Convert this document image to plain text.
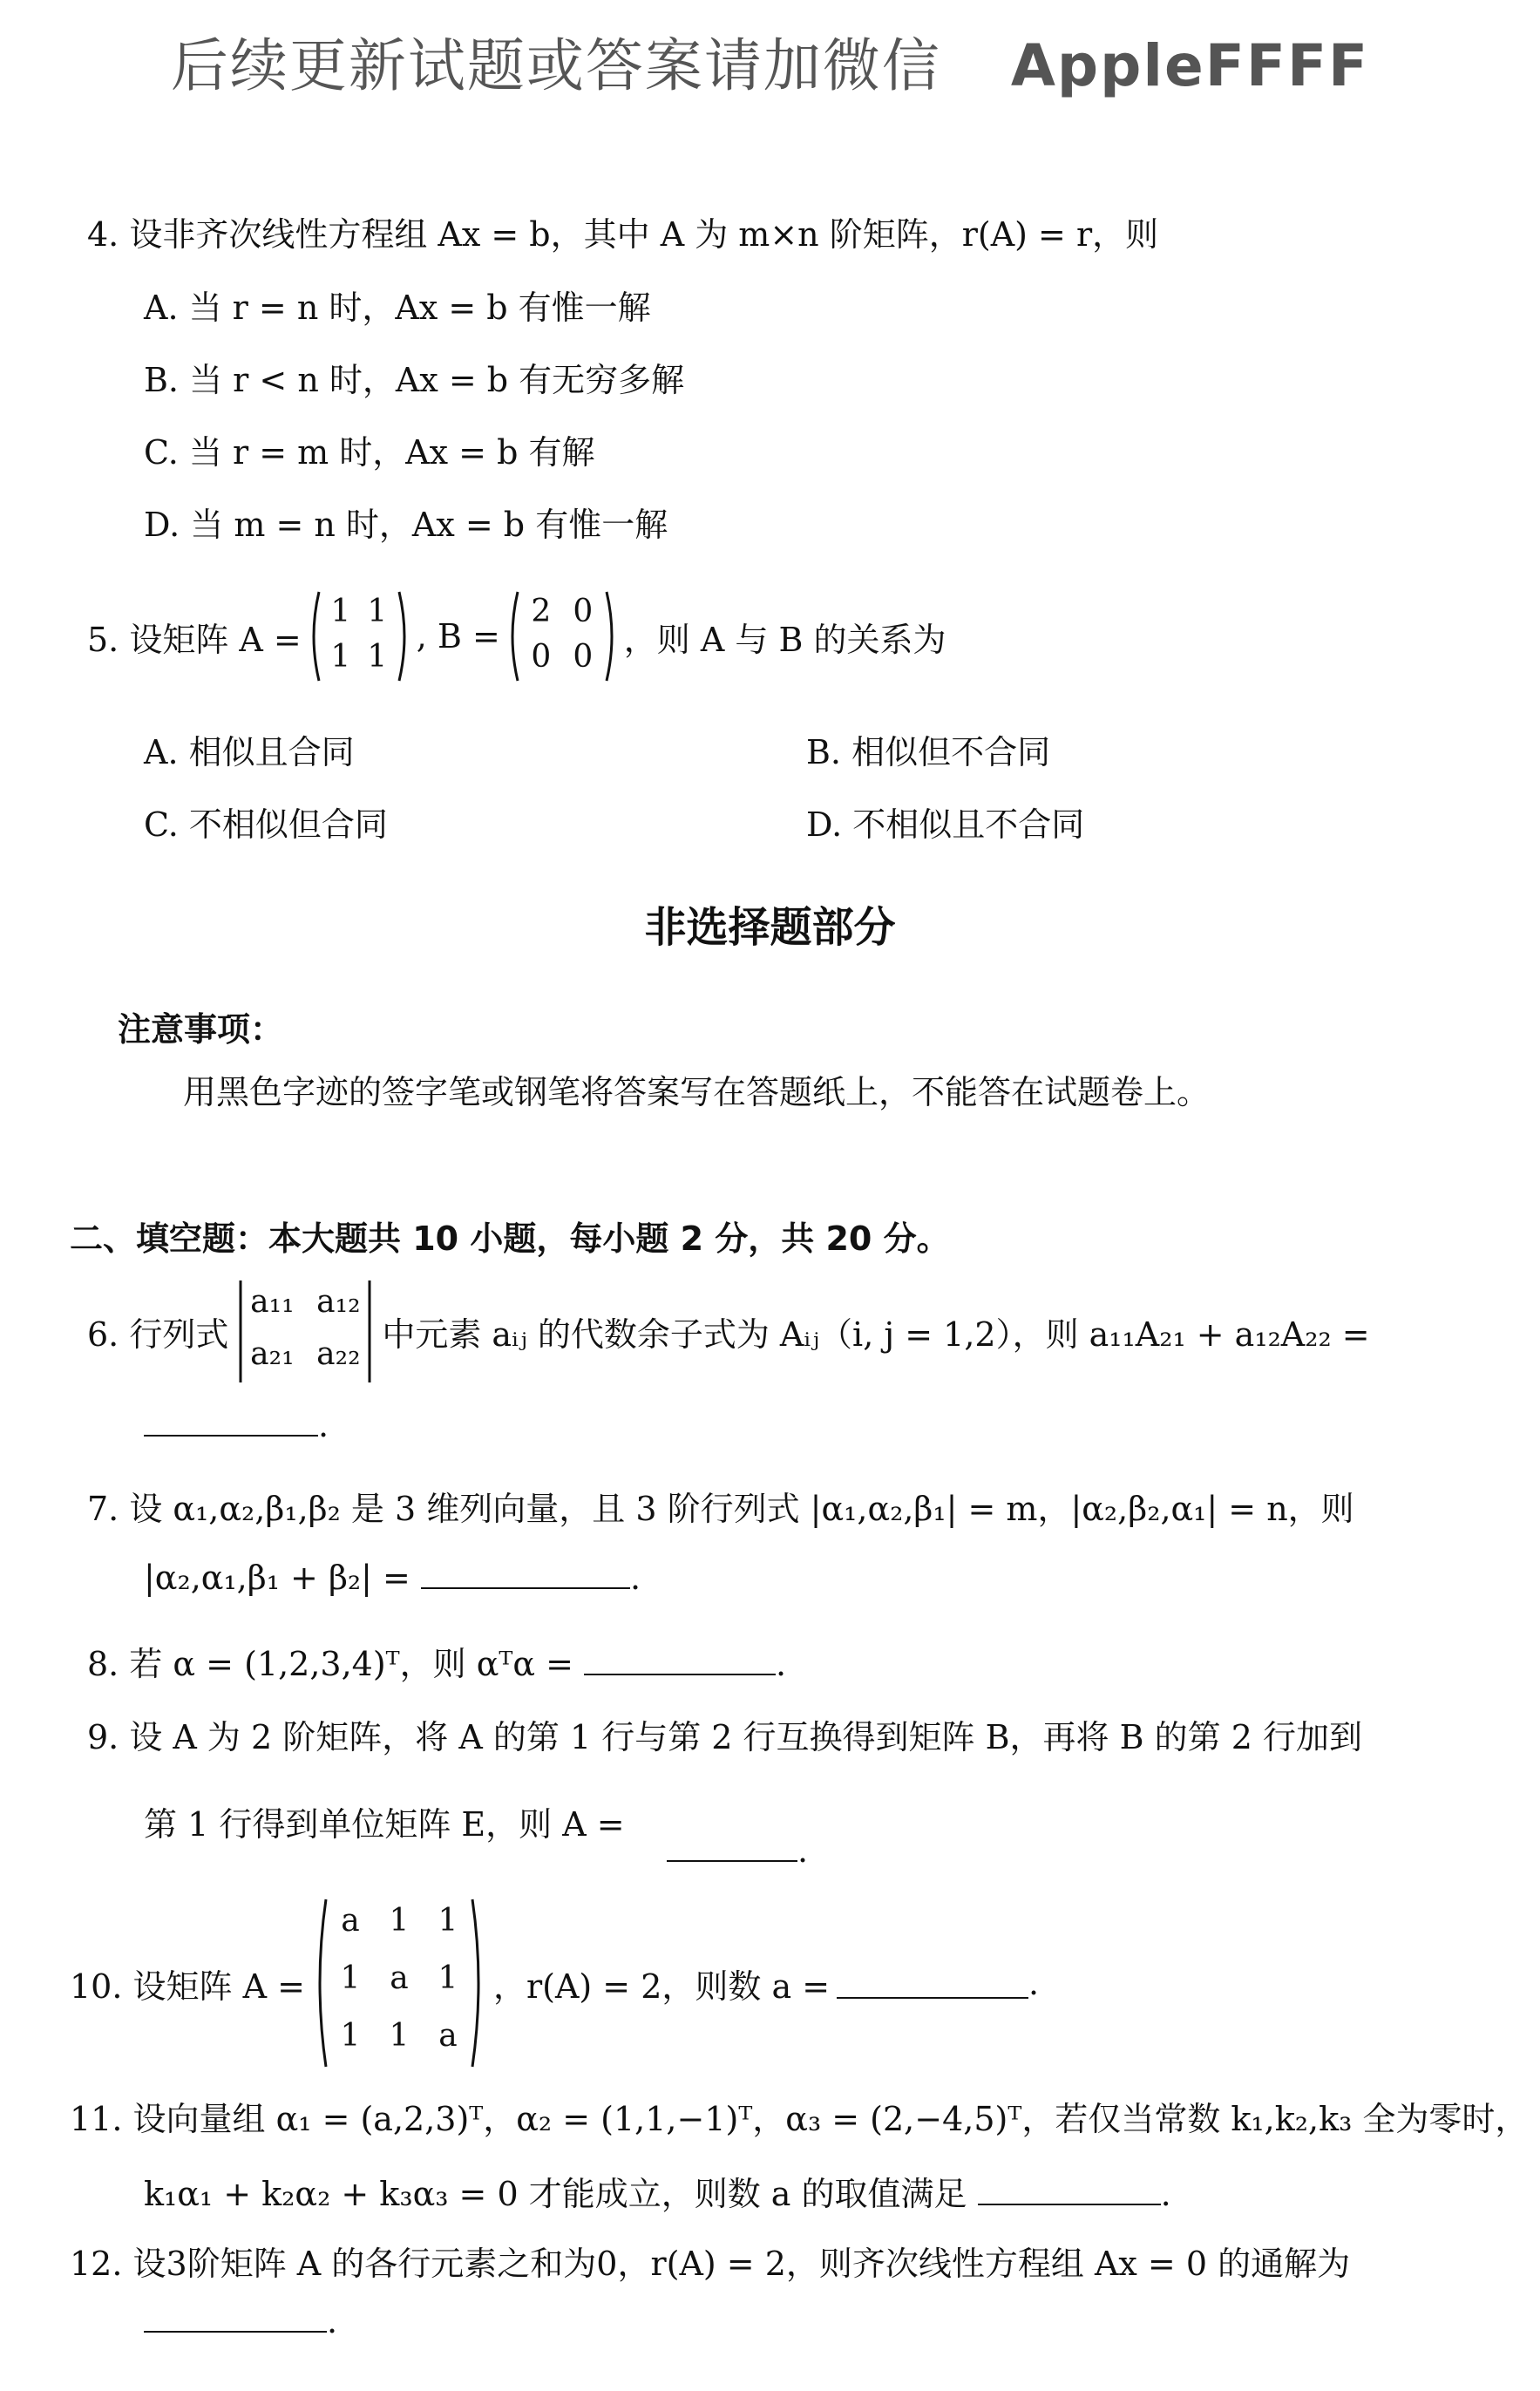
后续更新试题或答案请加微信 AppleFFFF
4. 设非齐次线性方程组 Ax = b，其中 A 为 m×n 阶矩阵，r(A) = r，则
A. 当 r = n 时，Ax = b 有惟一解
B. 当 r < n 时，Ax = b 有无穷多解
C. 当 r = m 时，Ax = b 有解
D. 当 m = n 时，Ax = b 有惟一解
5. 设矩阵 A =
1 1
1 1
, B =
2 0
0 0 ，则 A 与 B 的关系为
A. 相似且合同	B. 相似但不合同
C. 不相似但合同	D. 不相似且不合同
非选择题部分
注意事项：
用黑色字迹的签字笔或钢笔将答案写在答题纸上，不能答在试题卷上。
二、填空题：本大题共 10 小题，每小题 2 分，共 20 分。
6. 行列式
a₁₁ a₁₂
a₂₁ a₂₂
中元素 aᵢⱼ 的代数余子式为 Aᵢⱼ（i, j = 1,2），则 a₁₁A₂₁ + a₁₂A₂₂ =
.
7. 设 α₁,α₂,β₁,β₂ 是 3 维列向量，且 3 阶行列式 |α₁,α₂,β₁| = m，|α₂,β₂,α₁| = n，则
|α₂,α₁,β₁ + β₂| =	.
8. 若 α = (1,2,3,4)ᵀ，则 αᵀα =	.
9. 设 A 为 2 阶矩阵，将 A 的第 1 行与第 2 行互换得到矩阵 B，再将 B 的第 2 行加到
第 1 行得到单位矩阵 E，则 A =
.
10. 设矩阵 A =
a 1 1
1 a 1
1 1 a
，r(A) = 2，则数 a =	.
11. 设向量组 α₁ = (a,2,3)ᵀ，α₂ = (1,1,−1)ᵀ，α₃ = (2,−4,5)ᵀ，若仅当常数 k₁,k₂,k₃ 全为零时，
k₁α₁ + k₂α₂ + k₃α₃ = 0 才能成立，则数 a 的取值满足	.
12. 设3阶矩阵 A 的各行元素之和为0，r(A) = 2，则齐次线性方程组 Ax = 0 的通解为
.
